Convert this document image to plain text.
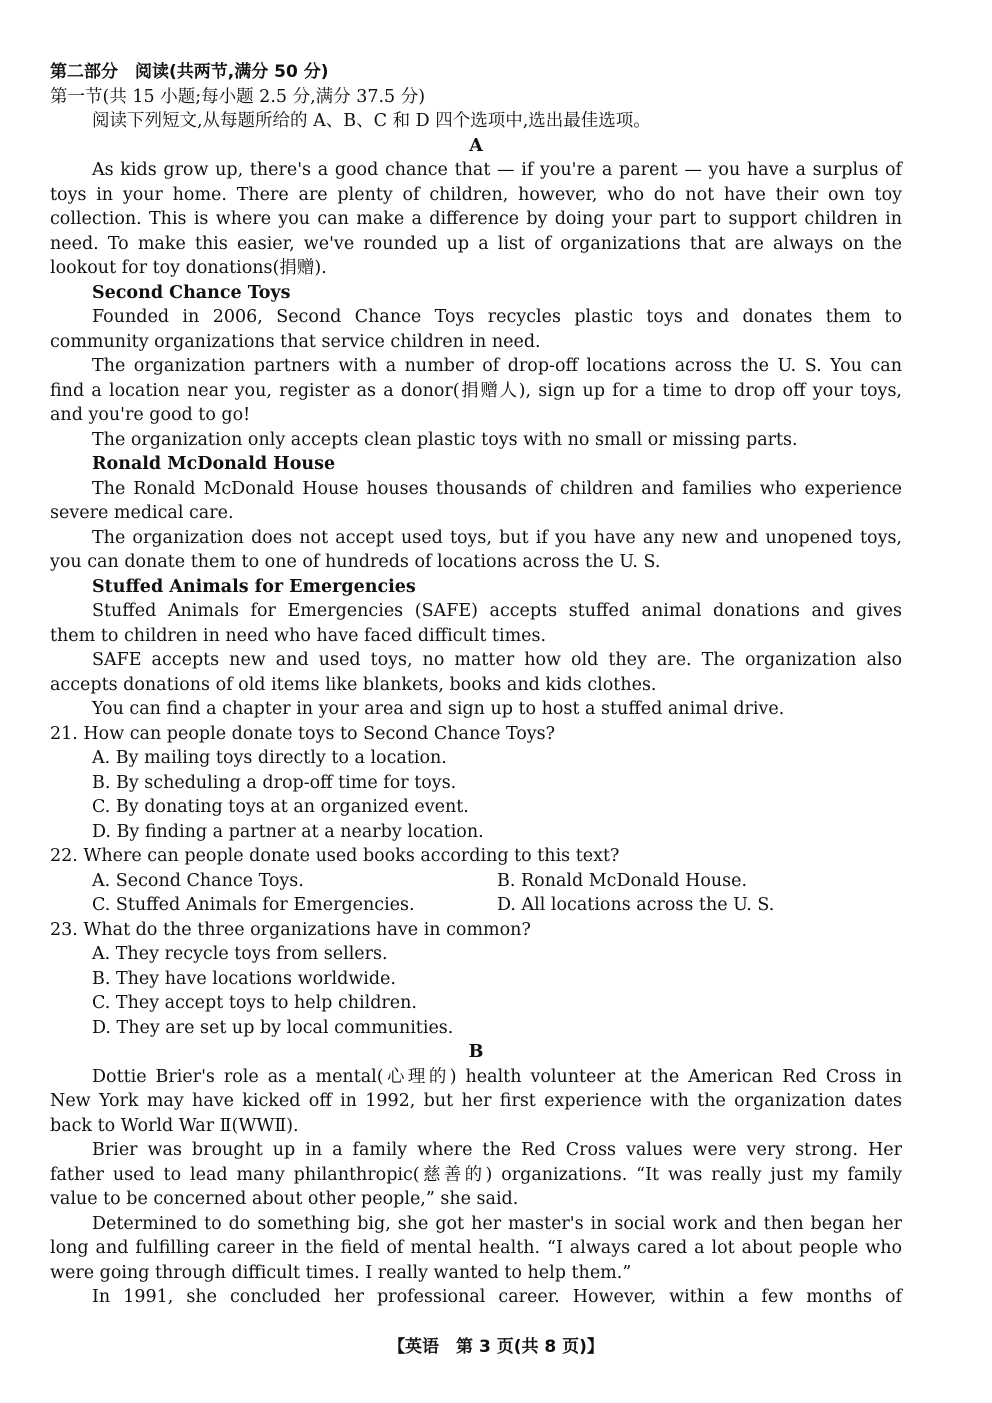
第二部分　阅读(共两节,满分 50 分)
第一节(共 15 小题;每小题 2.5 分,满分 37.5 分)
阅读下列短文,从每题所给的 A、B、C 和 D 四个选项中,选出最佳选项。
A
As kids grow up, there's a good chance that — if you're a parent — you have a surplus of
toys in your home. There are plenty of children, however, who do not have their own toy
collection. This is where you can make a difference by doing your part to support children in
need. To make this easier, we've rounded up a list of organizations that are always on the
lookout for toy donations(捐赠).
Second Chance Toys
Founded in 2006, Second Chance Toys recycles plastic toys and donates them to
community organizations that service children in need.
The organization partners with a number of drop-off locations across the U. S. You can
find a location near you, register as a donor(捐赠人), sign up for a time to drop off your toys,
and you're good to go!
The organization only accepts clean plastic toys with no small or missing parts.
Ronald McDonald House
The Ronald McDonald House houses thousands of children and families who experience
severe medical care.
The organization does not accept used toys, but if you have any new and unopened toys,
you can donate them to one of hundreds of locations across the U. S.
Stuffed Animals for Emergencies
Stuffed Animals for Emergencies (SAFE) accepts stuffed animal donations and gives
them to children in need who have faced difficult times.
SAFE accepts new and used toys, no matter how old they are. The organization also
accepts donations of old items like blankets, books and kids clothes.
You can find a chapter in your area and sign up to host a stuffed animal drive.
21. How can people donate toys to Second Chance Toys?
A. By mailing toys directly to a location.
B. By scheduling a drop-off time for toys.
C. By donating toys at an organized event.
D. By finding a partner at a nearby location.
22. Where can people donate used books according to this text?
A. Second Chance Toys.	B. Ronald McDonald House.
C. Stuffed Animals for Emergencies.	D. All locations across the U. S.
23. What do the three organizations have in common?
A. They recycle toys from sellers.
B. They have locations worldwide.
C. They accept toys to help children.
D. They are set up by local communities.
B
Dottie Brier's role as a mental(心理的) health volunteer at the American Red Cross in
New York may have kicked off in 1992, but her first experience with the organization dates
back to World War Ⅱ(WWⅡ).
Brier was brought up in a family where the Red Cross values were very strong. Her
father used to lead many philanthropic(慈善的) organizations. “It was really just my family
value to be concerned about other people,” she said.
Determined to do something big, she got her master's in social work and then began her
long and fulfilling career in the field of mental health. “I always cared a lot about people who
were going through difficult times. I really wanted to help them.”
In 1991, she concluded her professional career. However, within a few months of
【英语　第 3 页(共 8 页)】
